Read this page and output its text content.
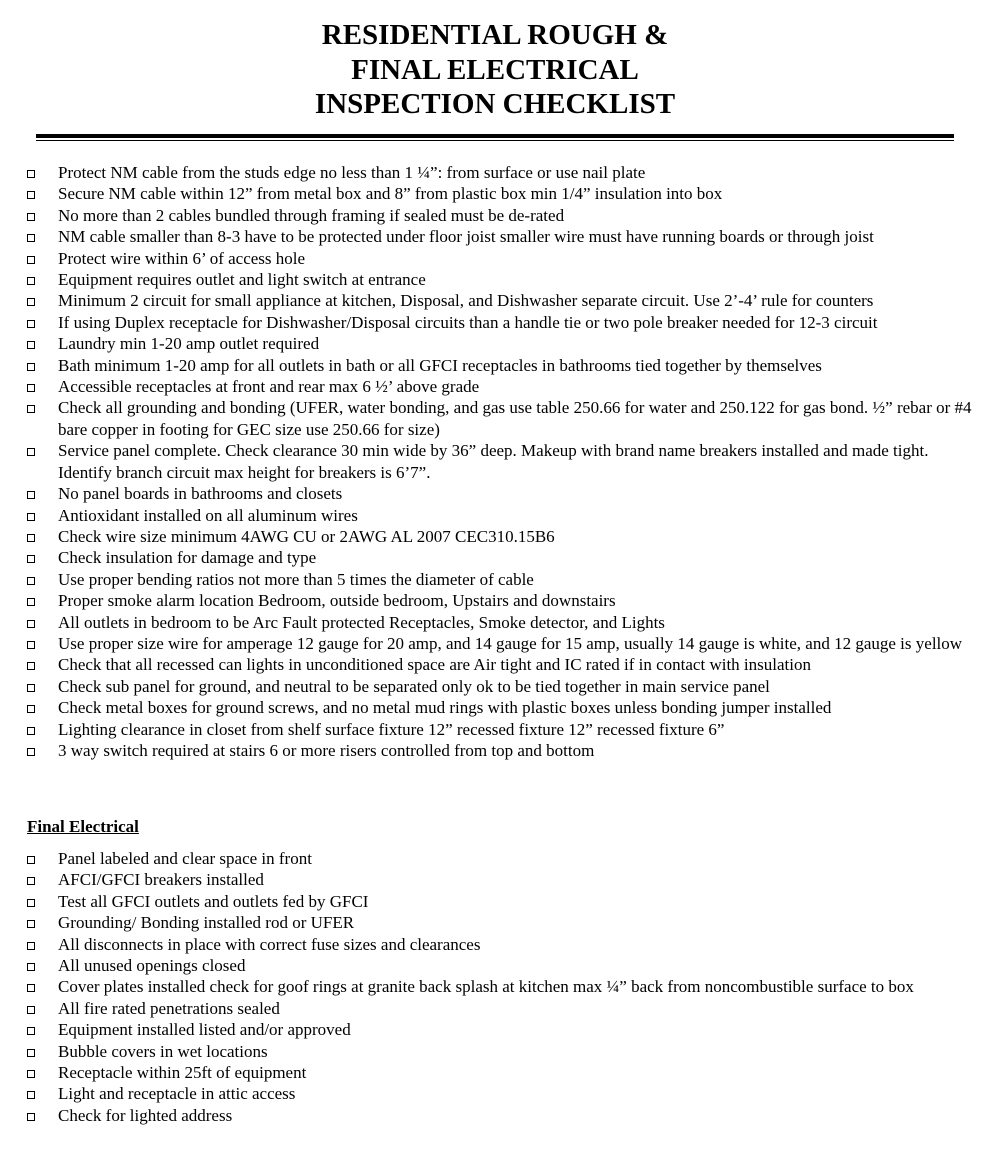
RESIDENTIAL ROUGH &
FINAL ELECTRICAL
INSPECTION CHECKLIST
Protect NM cable from the studs edge no less than 1 ¼”: from surface or use nail plate
Secure NM cable within 12” from metal box and 8” from plastic box min 1/4” insulation into box
No more than 2 cables bundled through framing if sealed must be de-rated
NM cable smaller than 8-3 have to be protected under floor joist smaller wire must have running boards or through joist
Protect wire within 6’ of access hole
Equipment requires outlet and light switch at entrance
Minimum 2 circuit for small appliance at kitchen, Disposal, and Dishwasher separate circuit. Use 2’-4’ rule for counters
If using Duplex receptacle for Dishwasher/Disposal circuits than a handle tie or two pole breaker needed for 12-3 circuit
Laundry min 1-20 amp outlet required
Bath minimum 1-20 amp for all outlets in bath or all GFCI receptacles in bathrooms tied together by themselves
Accessible receptacles at front and rear max 6 ½’ above grade
Check all grounding and bonding (UFER, water bonding, and gas use table 250.66 for water and 250.122 for gas bond. ½” rebar or #4 bare copper in footing for GEC size use 250.66 for size)
Service panel complete. Check clearance 30 min wide by 36” deep. Makeup with brand name breakers installed and made tight. Identify branch circuit max height for breakers is 6’7”.
No panel boards in bathrooms and closets
Antioxidant installed on all aluminum wires
Check wire size minimum 4AWG CU or 2AWG AL 2007 CEC310.15B6
Check insulation for damage and type
Use proper bending ratios not more than 5 times the diameter of cable
Proper smoke alarm location Bedroom, outside bedroom, Upstairs and downstairs
All outlets in bedroom to be Arc Fault protected Receptacles, Smoke detector, and Lights
Use proper size wire for amperage 12 gauge for 20 amp, and 14 gauge for 15 amp, usually 14 gauge is white, and 12 gauge is yellow
Check that all recessed can lights in unconditioned space are Air tight and IC rated if in contact with insulation
Check sub panel for ground, and neutral to be separated only ok to be tied together in main service panel
Check metal boxes for ground screws, and no metal mud rings with plastic boxes unless bonding jumper installed
Lighting clearance in closet from shelf surface fixture 12” recessed fixture 12” recessed fixture 6”
3 way switch required at stairs 6 or more risers controlled from top and bottom
Final Electrical
Panel labeled and clear space in front
AFCI/GFCI breakers installed
Test all GFCI outlets and outlets fed by GFCI
Grounding/ Bonding installed rod or UFER
All disconnects in place with correct fuse sizes and clearances
All unused openings closed
Cover plates installed check for goof rings at granite back splash at kitchen max ¼” back from noncombustible surface to box
All fire rated penetrations sealed
Equipment installed listed and/or approved
Bubble covers in wet locations
Receptacle within 25ft of equipment
Light and receptacle in attic access
Check for lighted address
